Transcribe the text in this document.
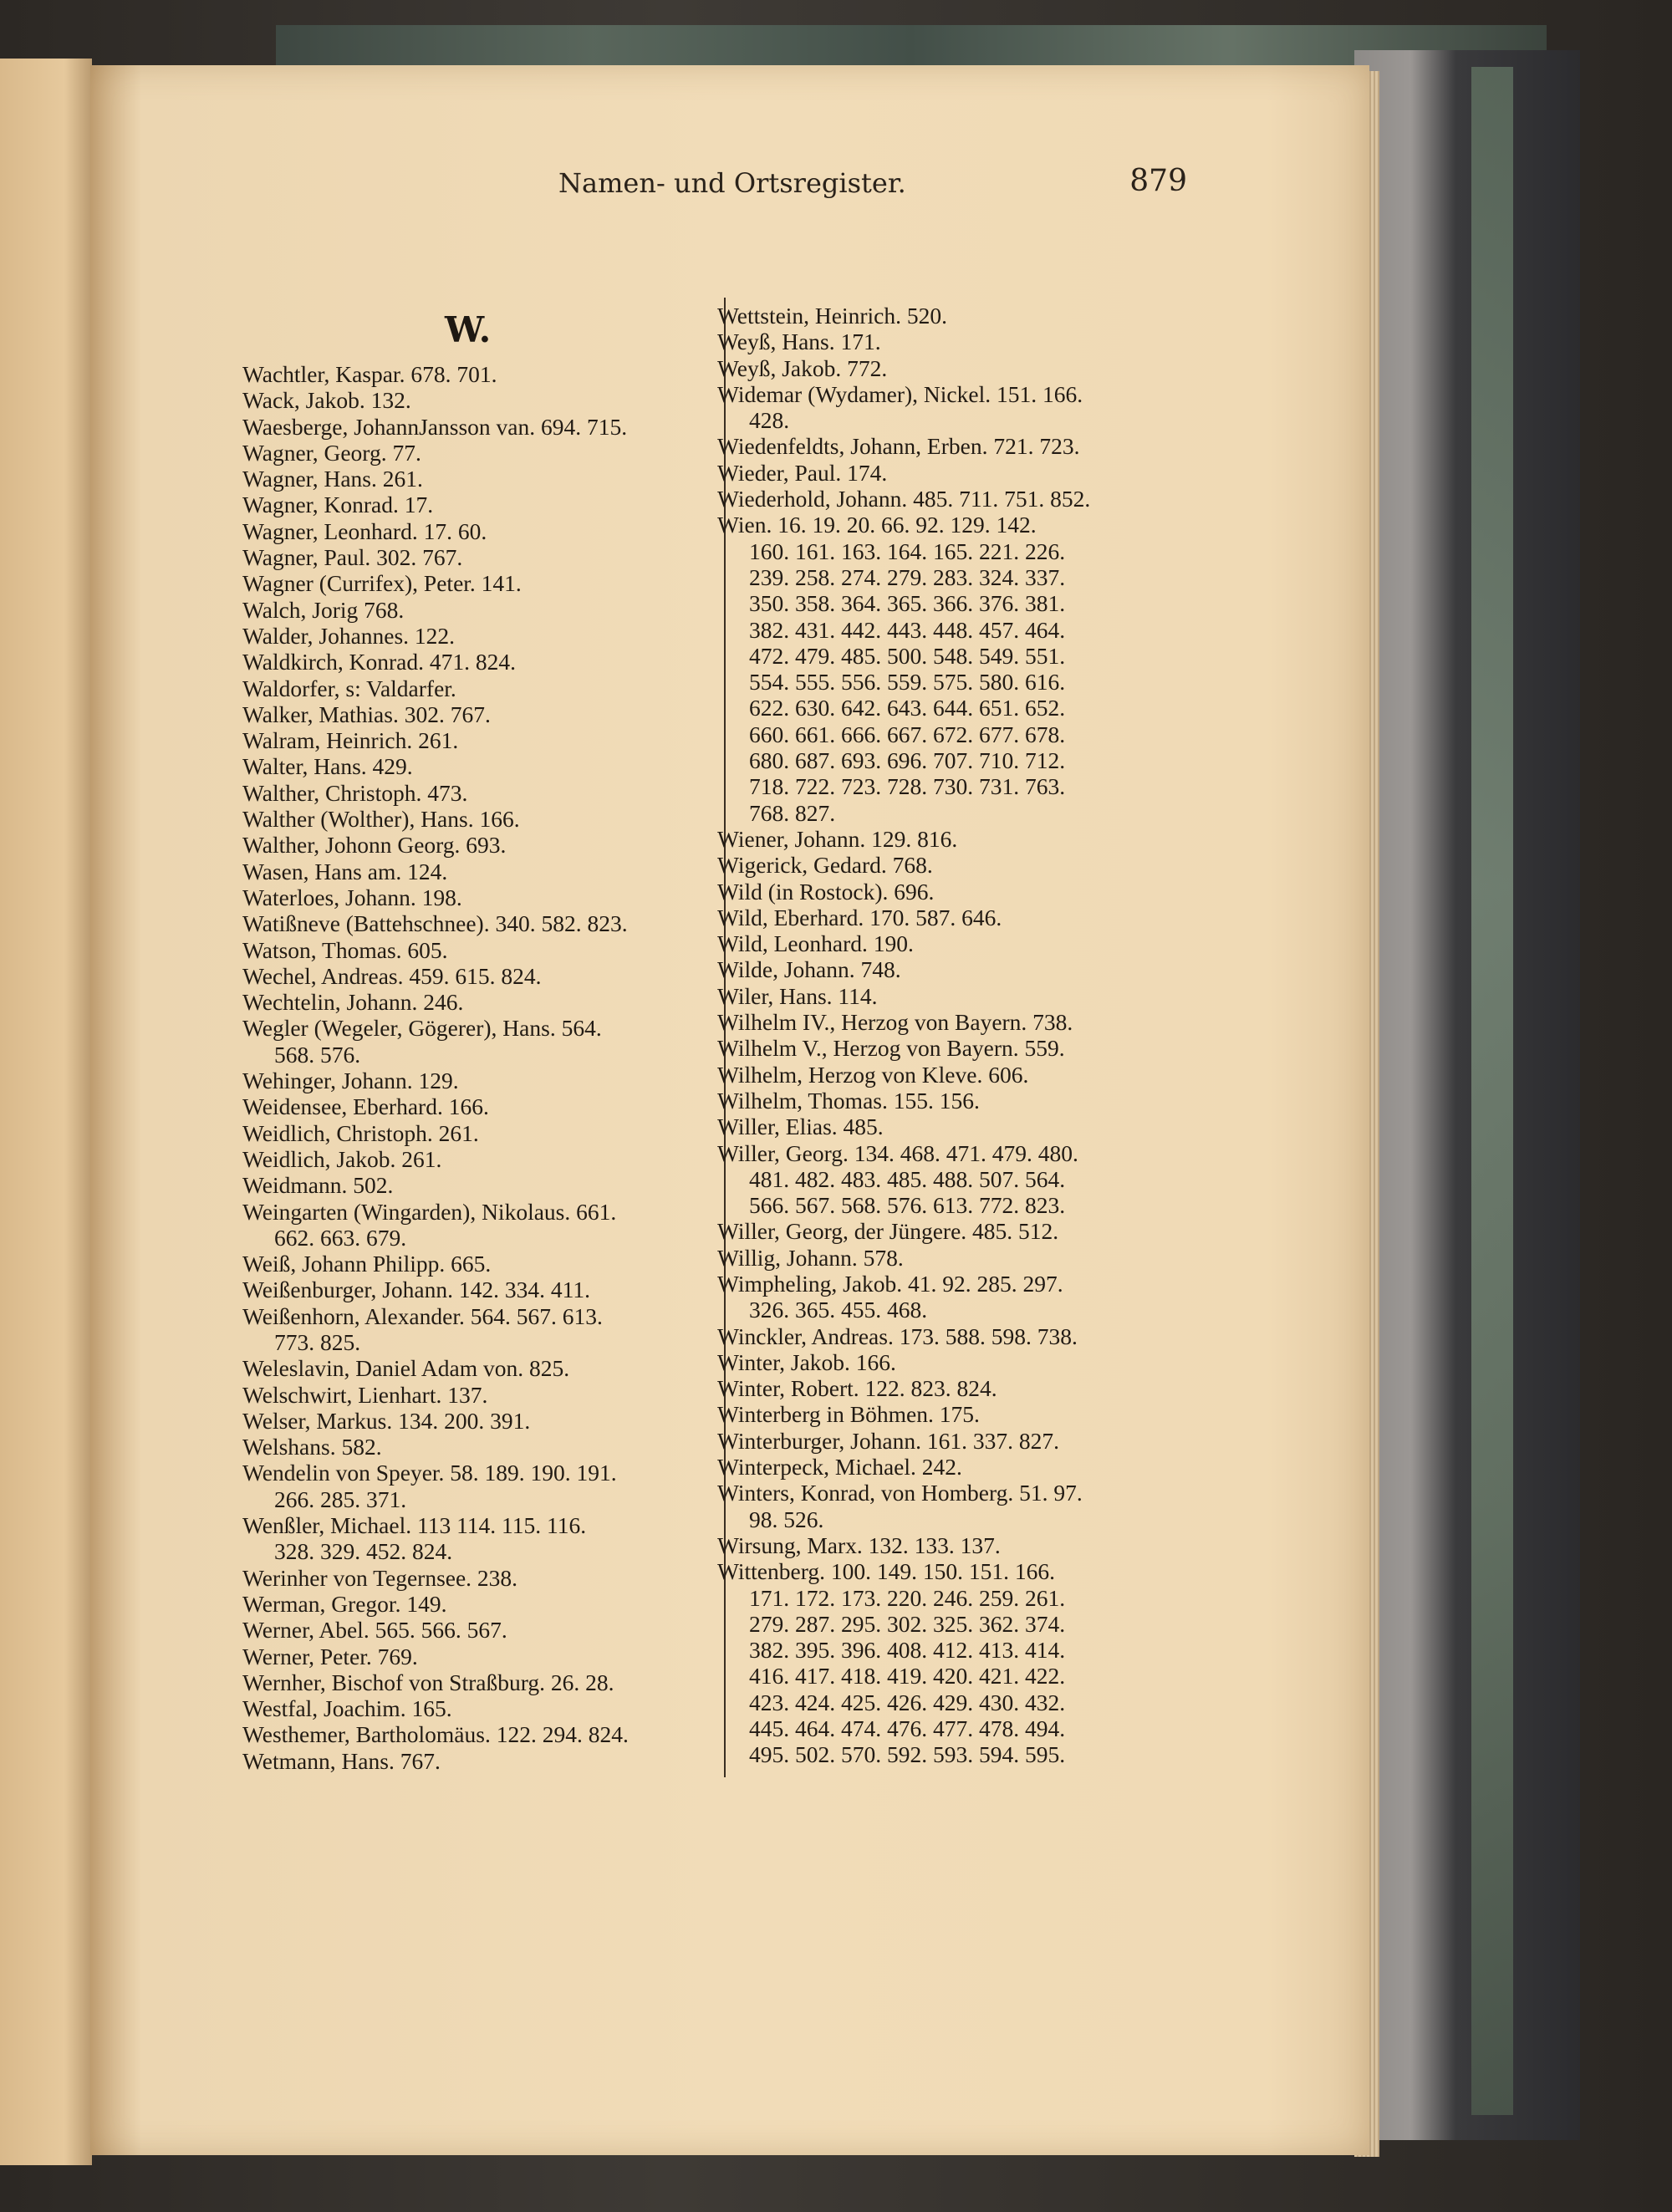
Namen- und Ortsregister.	879
W.
Wachtler, Kaspar. 678. 701.
Wack, Jakob. 132.
Waesberge, JohannJansson van. 694. 715.
Wagner, Georg. 77.
Wagner, Hans. 261.
Wagner, Konrad. 17.
Wagner, Leonhard. 17. 60.
Wagner, Paul. 302. 767.
Wagner (Currifex), Peter. 141.
Walch, Jorig 768.
Walder, Johannes. 122.
Waldkirch, Konrad. 471. 824.
Waldorfer, s: Valdarfer.
Walker, Mathias. 302. 767.
Walram, Heinrich. 261.
Walter, Hans. 429.
Walther, Christoph. 473.
Walther (Wolther), Hans. 166.
Walther, Johonn Georg. 693.
Wasen, Hans am. 124.
Waterloes, Johann. 198.
Watißneve (Battehschnee). 340. 582. 823.
Watson, Thomas. 605.
Wechel, Andreas. 459. 615. 824.
Wechtelin, Johann. 246.
Wegler (Wegeler, Gögerer), Hans. 564.

568. 576.
Wehinger, Johann. 129.
Weidensee, Eberhard. 166.
Weidlich, Christoph. 261.
Weidlich, Jakob. 261.
Weidmann. 502.
Weingarten (Wingarden), Nikolaus. 661.

662. 663. 679.
Weiß, Johann Philipp. 665.
Weißenburger, Johann. 142. 334. 411.
Weißenhorn, Alexander. 564. 567. 613.

773. 825.
Weleslavin, Daniel Adam von. 825.
Welschwirt, Lienhart. 137.
Welser, Markus. 134. 200. 391.
Welshans. 582.
Wendelin von Speyer. 58. 189. 190. 191.

266. 285. 371.
Wenßler, Michael. 113 114. 115. 116.

328. 329. 452. 824.
Werinher von Tegernsee. 238.
Werman, Gregor. 149.
Werner, Abel. 565. 566. 567.
Werner, Peter. 769.
Wernher, Bischof von Straßburg. 26. 28.
Westfal, Joachim. 165.
Westhemer, Bartholomäus. 122. 294. 824.
Wetmann, Hans. 767.
Wettstein, Heinrich. 520.
Weyß, Hans. 171.
Weyß, Jakob. 772.
Widemar (Wydamer), Nickel. 151. 166.

428.
Wiedenfeldts, Johann, Erben. 721. 723.
Wieder, Paul. 174.
Wiederhold, Johann. 485. 711. 751. 852.
Wien. 16. 19. 20. 66. 92. 129. 142.

160. 161. 163. 164. 165. 221. 226.
239. 258. 274. 279. 283. 324. 337.
350. 358. 364. 365. 366. 376. 381.
382. 431. 442. 443. 448. 457. 464.
472. 479. 485. 500. 548. 549. 551.
554. 555. 556. 559. 575. 580. 616.
622. 630. 642. 643. 644. 651. 652.
660. 661. 666. 667. 672. 677. 678.
680. 687. 693. 696. 707. 710. 712.
718. 722. 723. 728. 730. 731. 763.
768. 827.
Wiener, Johann. 129. 816.
Wigerick, Gedard. 768.
Wild (in Rostock). 696.
Wild, Eberhard. 170. 587. 646.
Wild, Leonhard. 190.
Wilde, Johann. 748.
Wiler, Hans. 114.
Wilhelm IV., Herzog von Bayern. 738.
Wilhelm V., Herzog von Bayern. 559.
Wilhelm, Herzog von Kleve. 606.
Wilhelm, Thomas. 155. 156.
Willer, Elias. 485.
Willer, Georg. 134. 468. 471. 479. 480.

481. 482. 483. 485. 488. 507. 564.
566. 567. 568. 576. 613. 772. 823.
Willer, Georg, der Jüngere. 485. 512.
Willig, Johann. 578.
Wimpheling, Jakob. 41. 92. 285. 297.

326. 365. 455. 468.
Winckler, Andreas. 173. 588. 598. 738.
Winter, Jakob. 166.
Winter, Robert. 122. 823. 824.
Winterberg in Böhmen. 175.
Winterburger, Johann. 161. 337. 827.
Winterpeck, Michael. 242.
Winters, Konrad, von Homberg. 51. 97.

98. 526.
Wirsung, Marx. 132. 133. 137.
Wittenberg. 100. 149. 150. 151. 166.

171. 172. 173. 220. 246. 259. 261.
279. 287. 295. 302. 325. 362. 374.
382. 395. 396. 408. 412. 413. 414.
416. 417. 418. 419. 420. 421. 422.
423. 424. 425. 426. 429. 430. 432.
445. 464. 474. 476. 477. 478. 494.
495. 502. 570. 592. 593. 594. 595.
